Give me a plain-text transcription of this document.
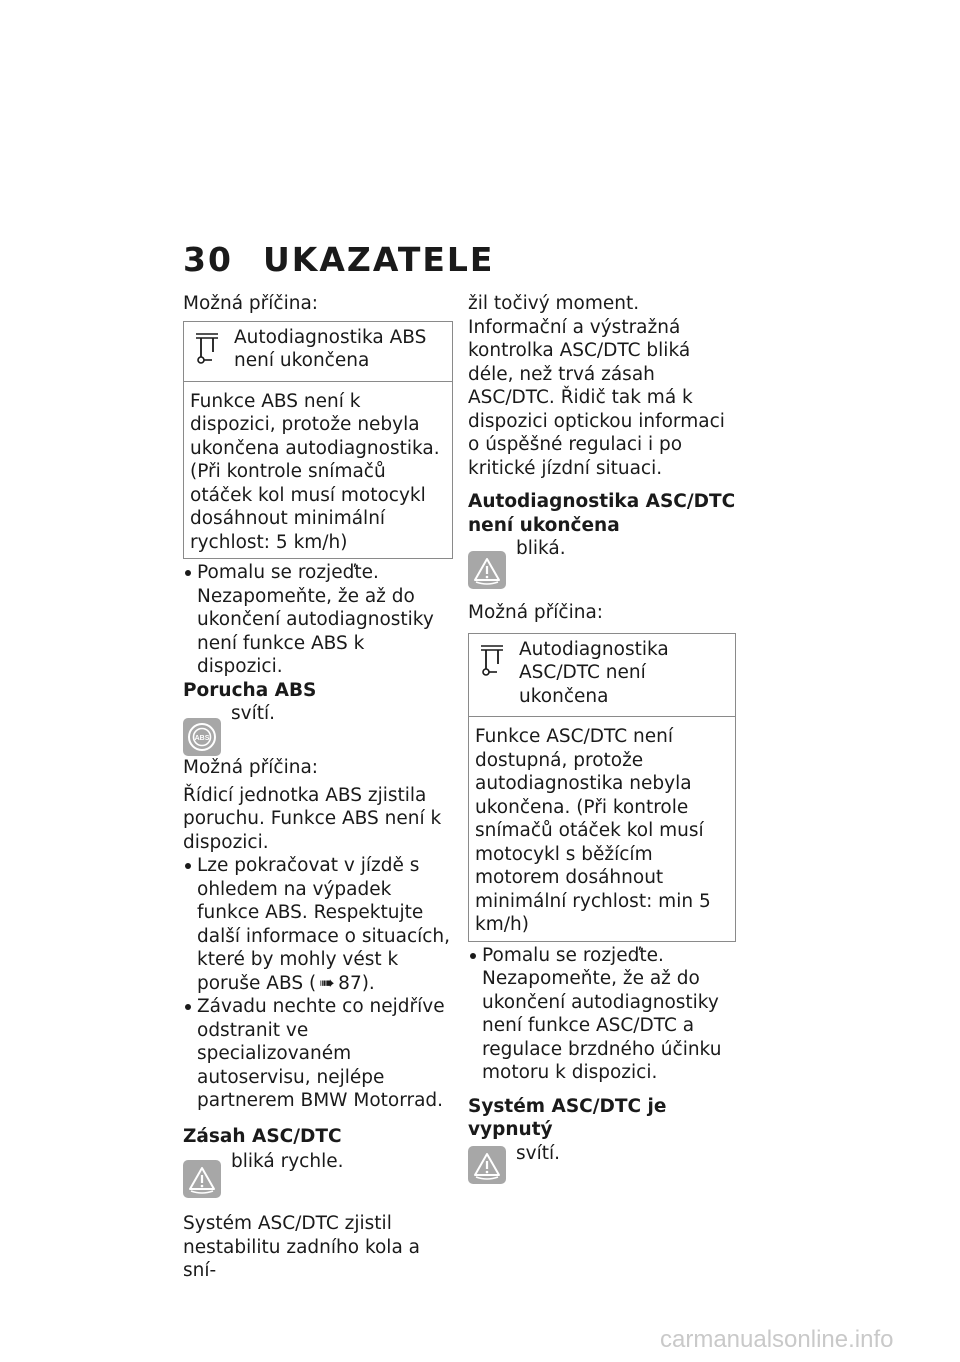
30 UKAZATELE

Možná příčina:

Autodiagnostika ABS není ukončena
Funkce ABS není k dispozici, protože nebyla ukončena autodiagnostika. (Při kontrole snímačů otáček kol musí motocykl dosáhnout minimální rychlost: 5 km/h)
Pomalu se rozjeďte. Nezapomeňte, že až do ukončení autodiagnostiky není funkce ABS k dispozici.

Porucha ABS

ABS
svítí.

Možná příčina:

Řídicí jednotka ABS zjistila poruchu. Funkce ABS není k dispozici.

Lze pokračovat v jízdě s ohledem na výpadek funkce ABS. Respektujte další informace o situacích, které by mohly vést k poruše ABS ( ➠ 87).
Závadu nechte co nejdříve odstranit ve specializovaném autoservisu, nejlépe partnerem BMW Motorrad.

Zásah ASC/DTC

bliká rychle.

Systém ASC/DTC zjistil nestabilitu zadního kola a sní-

žil točivý moment. Informační a výstražná kontrolka ASC/DTC bliká déle, než trvá zásah ASC/DTC. Řidič tak má k dispozici optickou informaci o úspěšné regulaci i po kritické jízdní situaci.

Autodiagnostika ASC/DTC není ukončena

bliká.

Možná příčina:

Autodiagnostika ASC/DTC není ukončena
Funkce ASC/DTC není dostupná, protože autodiagnostika nebyla ukončena. (Při kontrole snímačů otáček kol musí motocykl s běžícím motorem dosáhnout minimální rychlost: min 5 km/h)
Pomalu se rozjeďte. Nezapomeňte, že až do ukončení autodiagnostiky není funkce ASC/DTC a regulace brzdného účinku motoru k dispozici.

Systém ASC/DTC je vypnutý

svítí.
carmanualsonline.info
